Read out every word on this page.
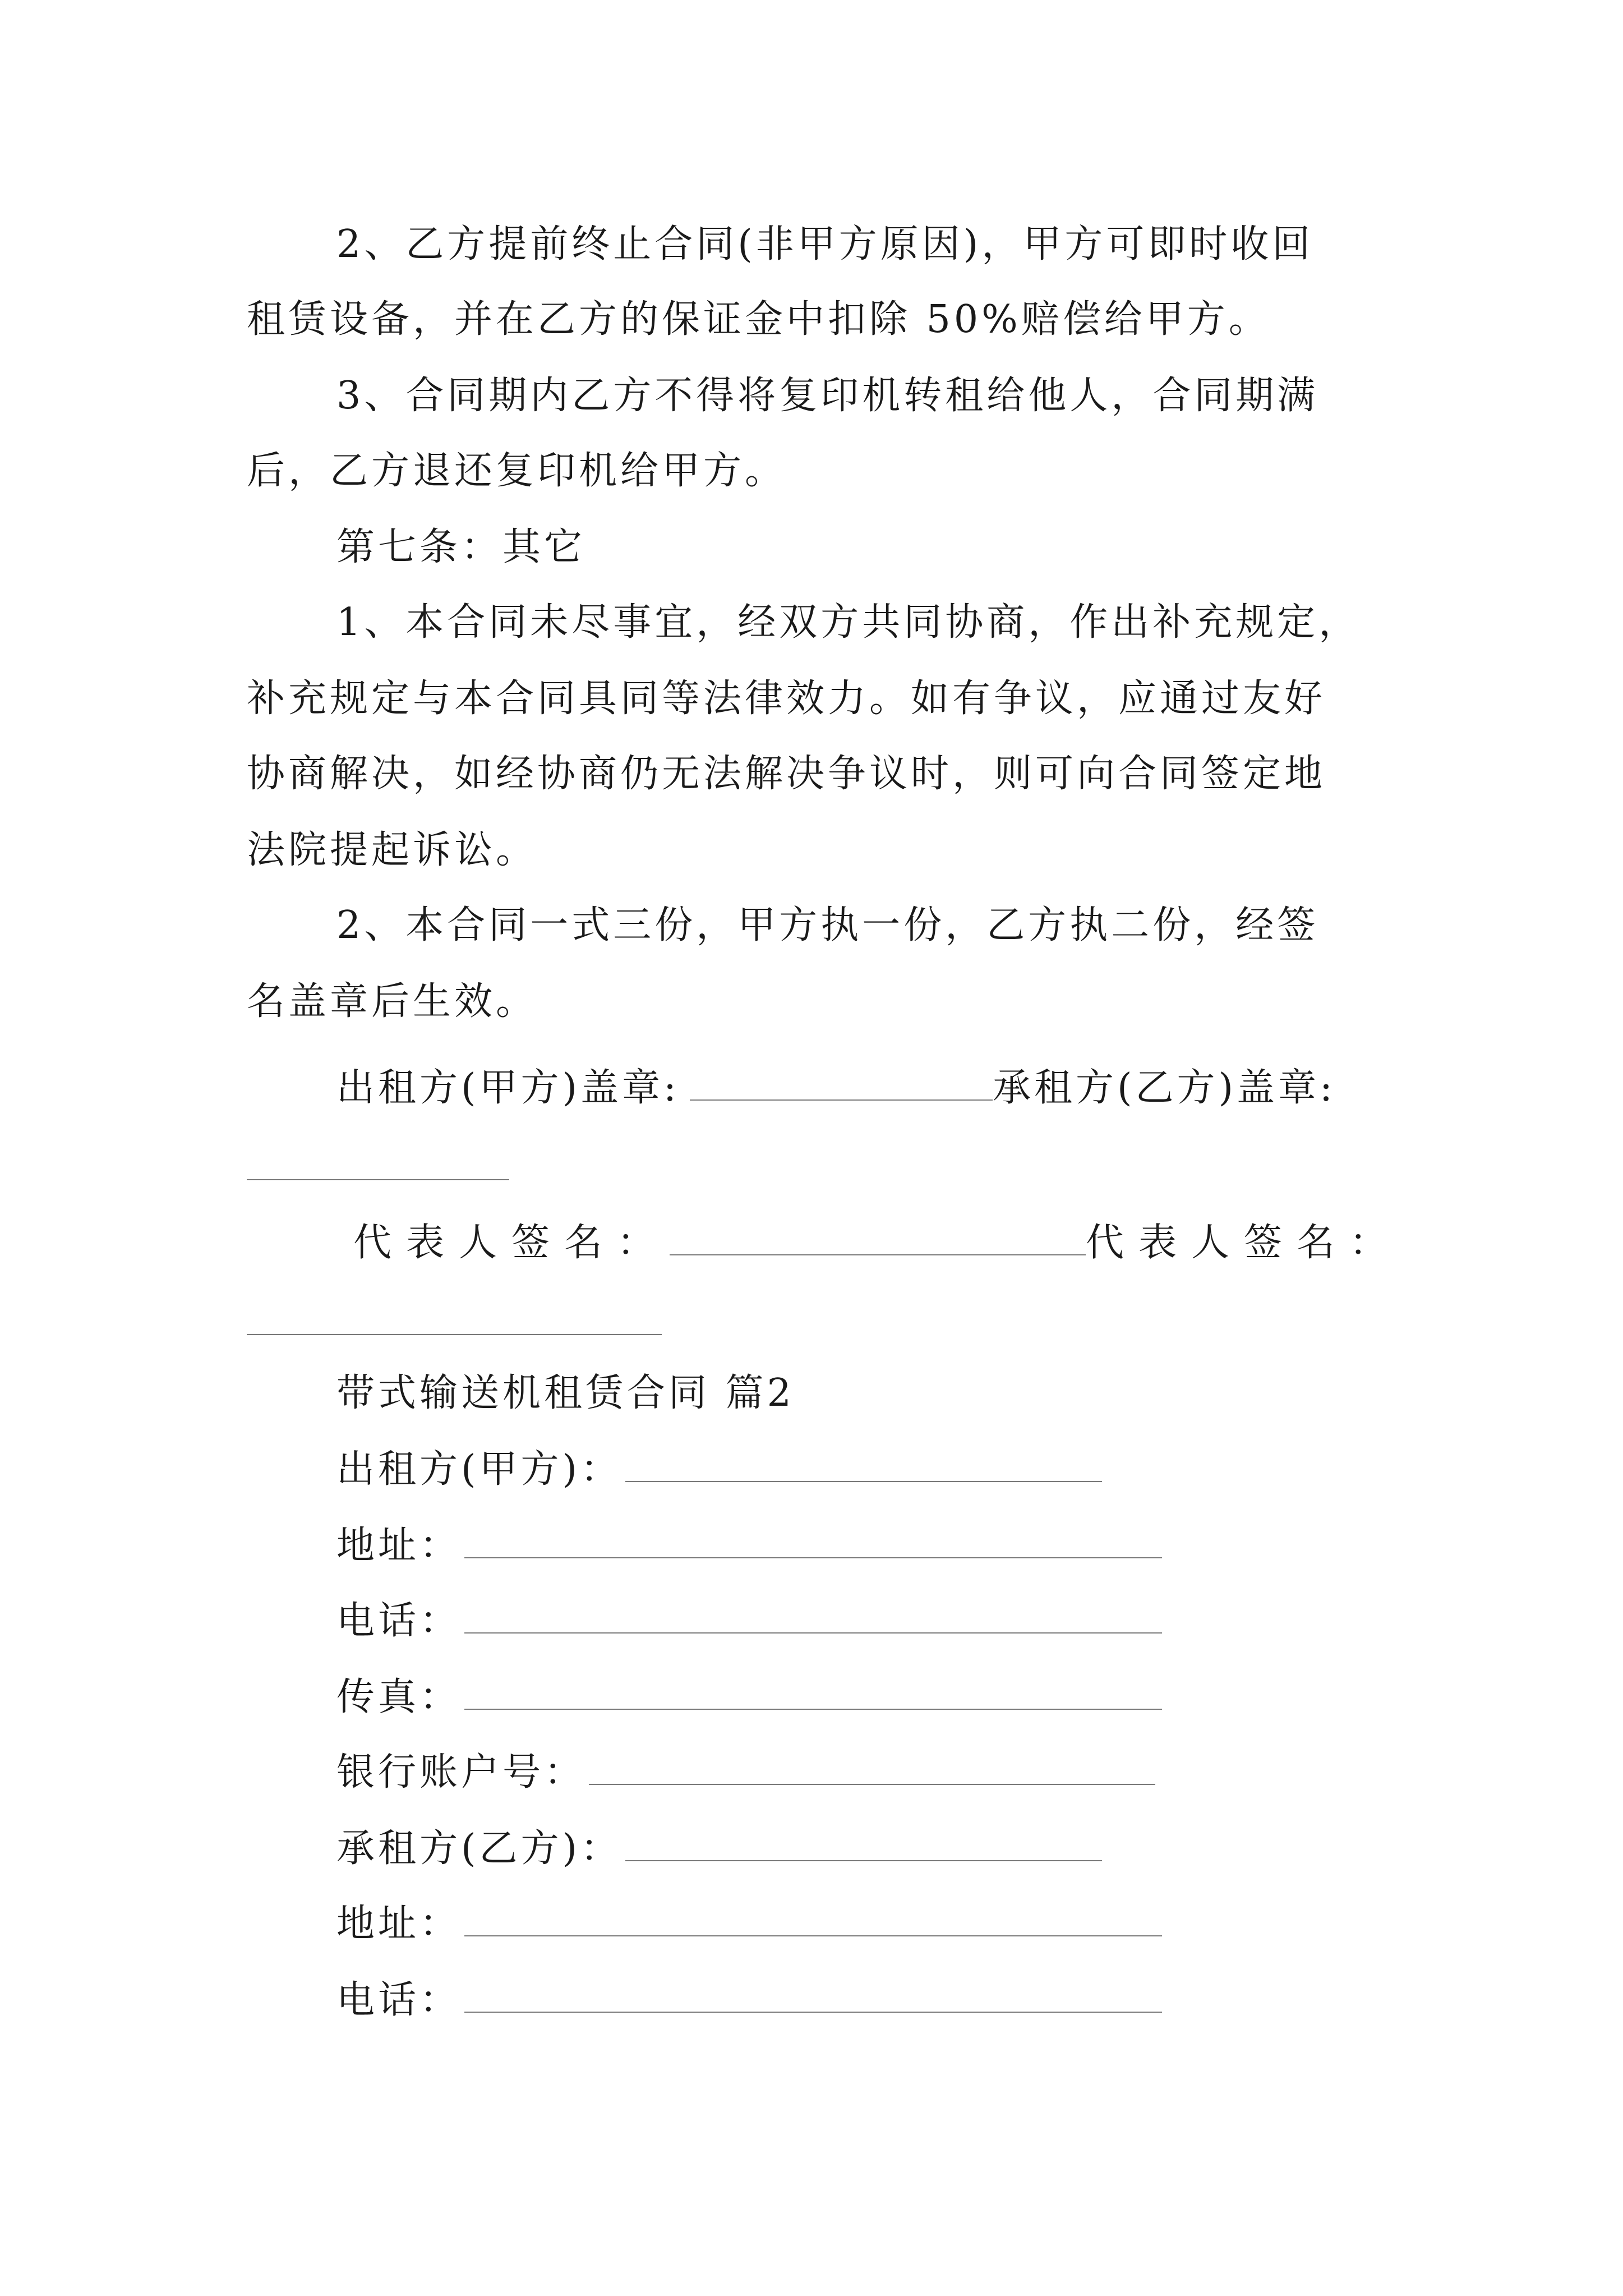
2、乙方提前终止合同(非甲方原因)，甲方可即时收回
租赁设备，并在乙方的保证金中扣除 50%赔偿给甲方。
3、合同期内乙方不得将复印机转租给他人，合同期满
后，乙方退还复印机给甲方。
第七条：其它
1、本合同未尽事宜，经双方共同协商，作出补充规定，
补充规定与本合同具同等法律效力。如有争议，应通过友好
协商解决，如经协商仍无法解决争议时，则可向合同签定地
法院提起诉讼。
2、本合同一式三份，甲方执一份，乙方执二份，经签
名盖章后生效。
出租方(甲方)盖章:	承租方(乙方)盖章:
代表人签名：	代表人签名：
带式输送机租赁合同 篇2
出租方(甲方)：
地址：
电话：
传真：
银行账户号：
承租方(乙方)：
地址：
电话：
